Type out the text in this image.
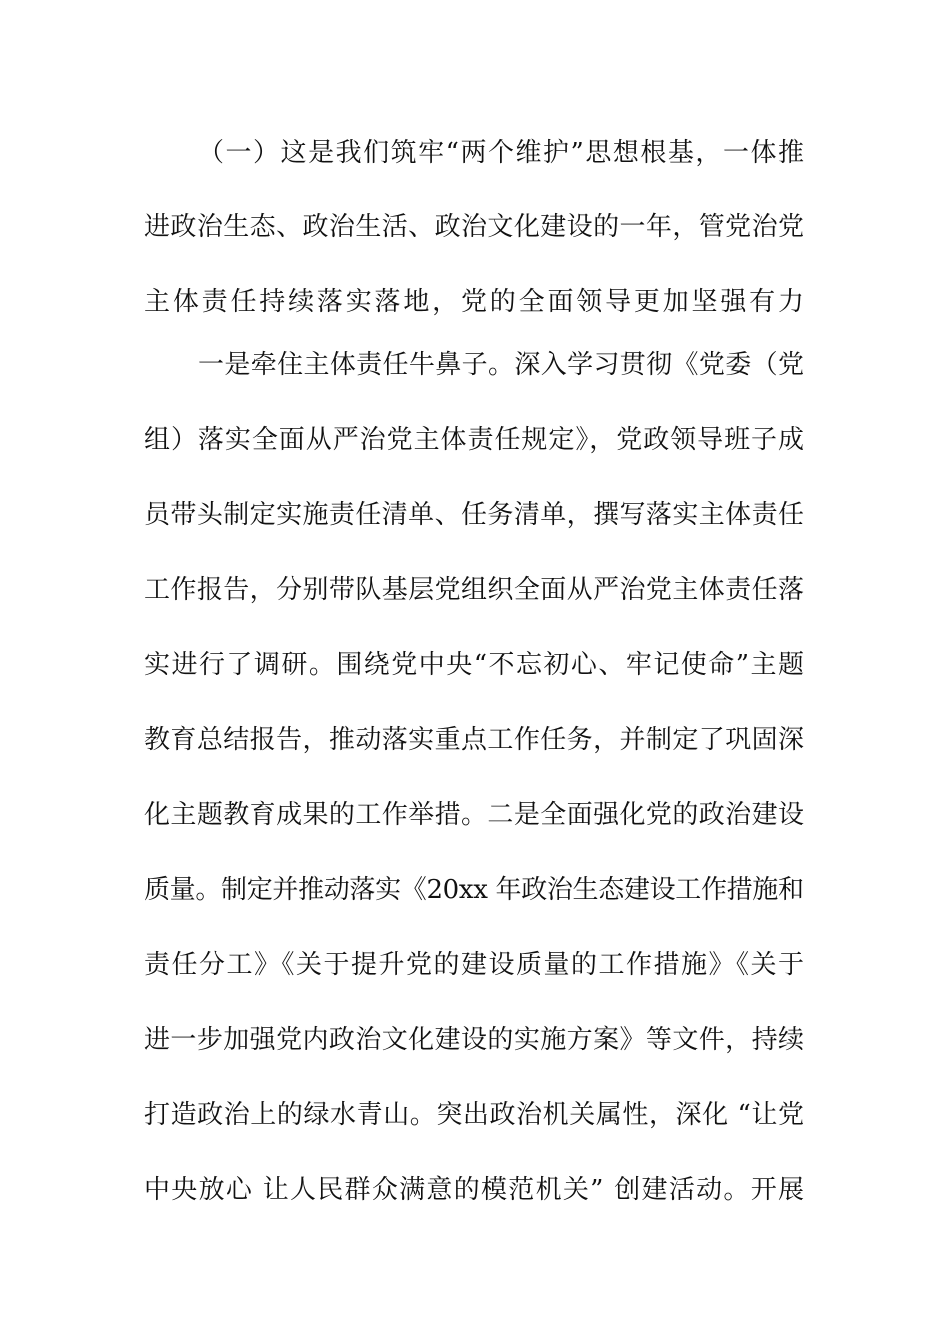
（一）这是我们筑牢“两个维护”思想根基，一体推
进政治生态、政治生活、政治文化建设的一年，管党治党
主体责任持续落实落地，党的全面领导更加坚强有力
一是牵住主体责任牛鼻子。深入学习贯彻《党委（党
组）落实全面从严治党主体责任规定》，党政领导班子成
员带头制定实施责任清单、任务清单，撰写落实主体责任
工作报告，分别带队基层党组织全面从严治党主体责任落
实进行了调研。围绕党中央“不忘初心、牢记使命”主题
教育总结报告，推动落实重点工作任务，并制定了巩固深
化主题教育成果的工作举措。二是全面强化党的政治建设
质量。制定并推动落实《20xx 年政治生态建设工作措施和
责任分工》《关于提升党的建设质量的工作措施》《关于
进一步加强党内政治文化建设的实施方案》等文件，持续
打造政治上的绿水青山。突出政治机关属性，深化 “让党
中央放心 让人民群众满意的模范机关” 创建活动。开展
